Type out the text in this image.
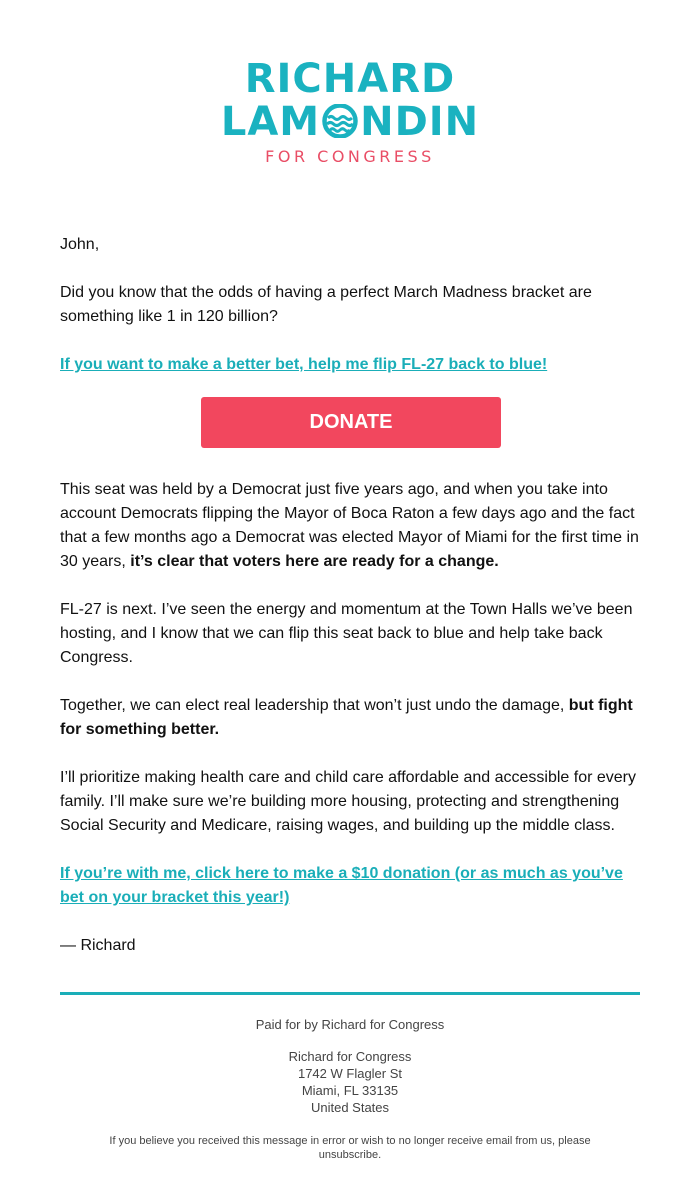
RICHARD
LAM NDIN
FOR CONGRESS

John,

Did you know that the odds of having a perfect March Madness bracket are something like 1 in 120 billion?

If you want to make a better bet, help me flip FL-27 back to blue!
DONATE

This seat was held by a Democrat just five years ago, and when you take into account Democrats flipping the Mayor of Boca Raton a few days ago and the fact that a few months ago a Democrat was elected Mayor of Miami for the first time in 30 years, it’s clear that voters here are ready for a change.

FL-27 is next. I’ve seen the energy and momentum at the Town Halls we’ve been hosting, and I know that we can flip this seat back to blue and help take back Congress.

Together, we can elect real leadership that won’t just undo the damage, but fight for something better.

I’ll prioritize making health care and child care affordable and accessible for every family. I’ll make sure we’re building more housing, protecting and strengthening Social Security and Medicare, raising wages, and building up the middle class.

If you’re with me, click here to make a $10 donation (or as much as you’ve bet on your bracket this year!)

— Richard

Paid for by Richard for Congress
Richard for Congress
1742 W Flagler St
Miami, FL 33135
United States
If you believe you received this message in error or wish to no longer receive email from us, please unsubscribe.
